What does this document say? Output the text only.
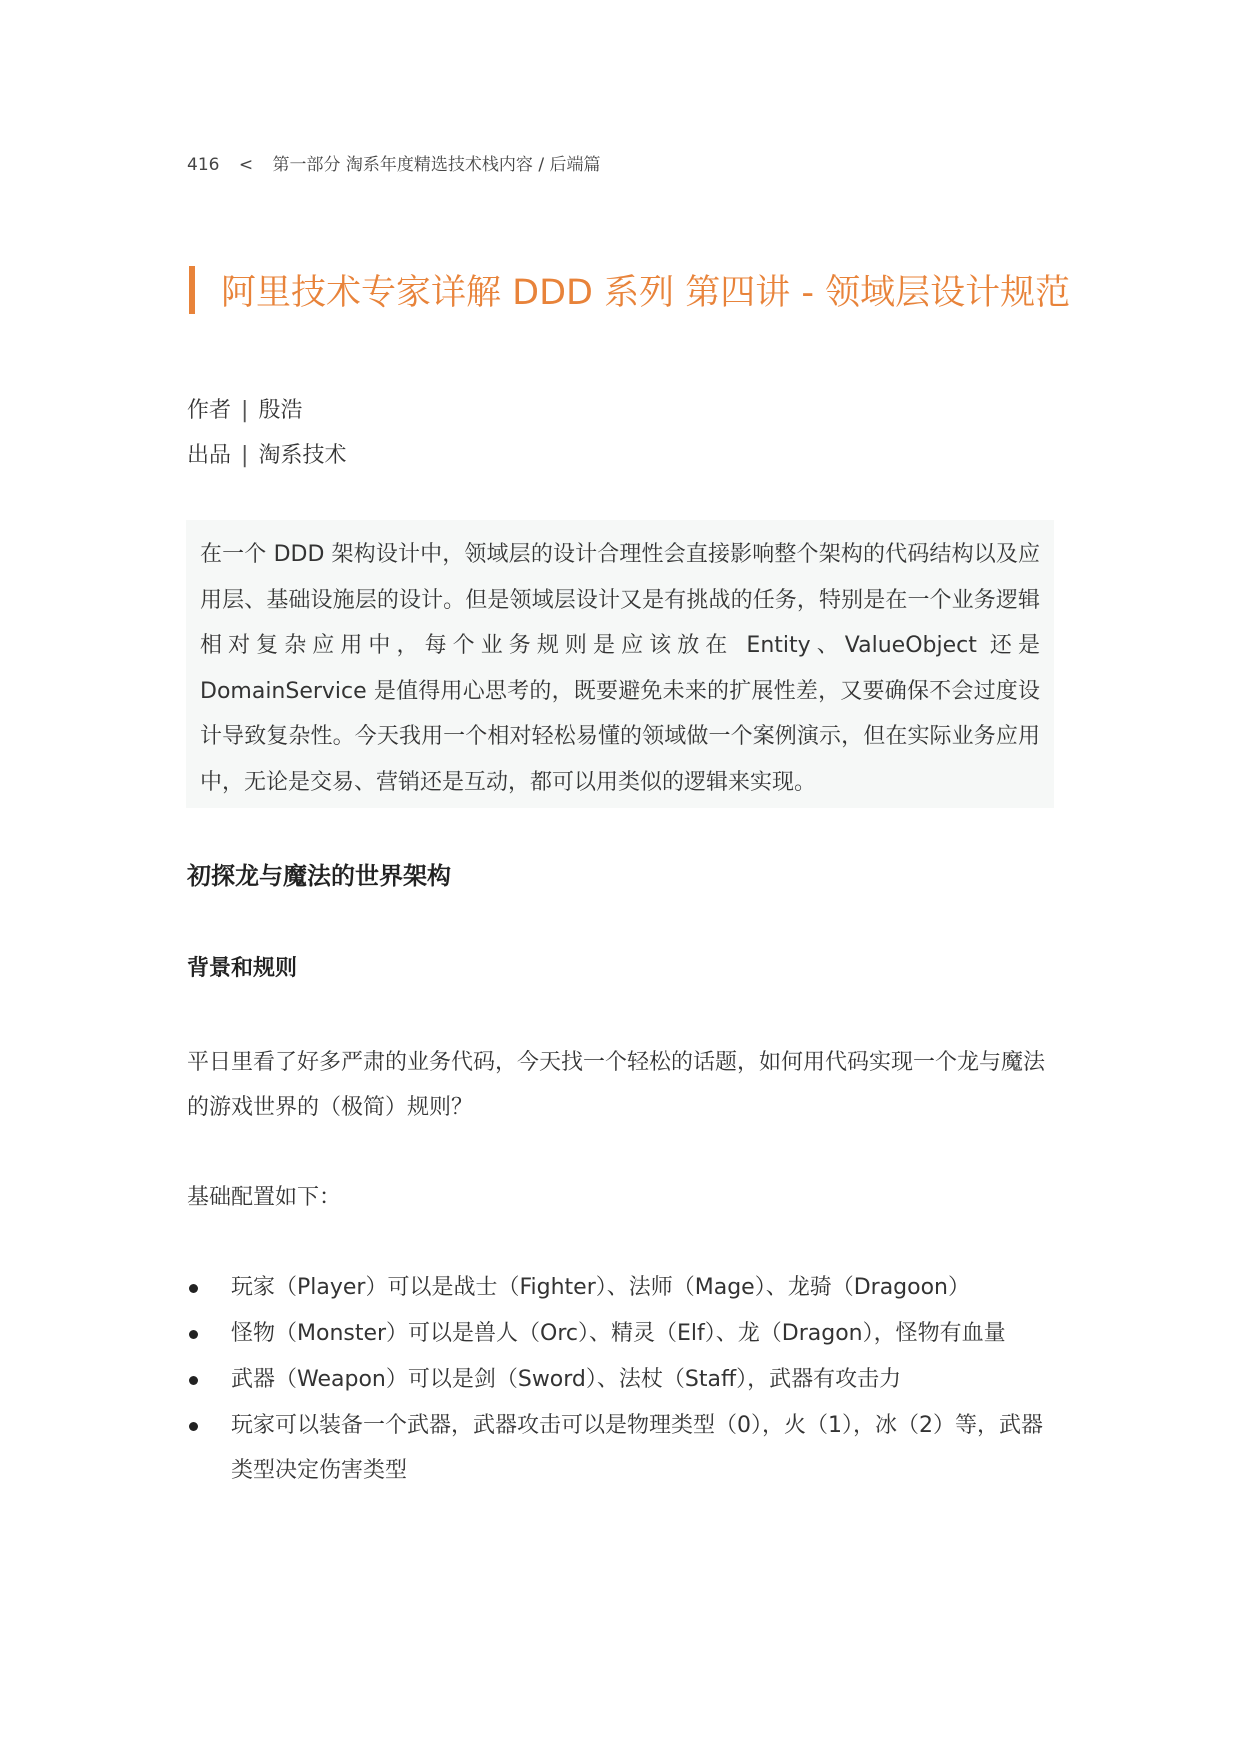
416 < 第一部分 淘系年度精选技术栈内容 / 后端篇
阿里技术专家详解 DDD 系列 第四讲 - 领域层设计规范
作者 | 殷浩
出品 | 淘系技术

在一个 DDD 架构设计中，领域层的设计合理性会直接影响整个架构的代码结构以及应用层、基础设施层的设计。但是领域层设计又是有挑战的任务，特别是在一个业务逻辑相对复杂应用中，每个业务规则是应该放在 Entity、ValueObject 还是 DomainService 是值得用心思考的，既要避免未来的扩展性差，又要确保不会过度设计导致复杂性。今天我用一个相对轻松易懂的领域做一个案例演示，但在实际业务应用中，无论是交易、营销还是互动，都可以用类似的逻辑来实现。

初探龙与魔法的世界架构
背景和规则

平日里看了好多严肃的业务代码，今天找一个轻松的话题，如何用代码实现一个龙与魔法的游戏世界的（极简）规则？

基础配置如下：

玩家（Player）可以是战士（Fighter）、法师（Mage）、龙骑（Dragoon）
怪物（Monster）可以是兽人（Orc）、精灵（Elf）、龙（Dragon），怪物有血量
武器（Weapon）可以是剑（Sword）、法杖（Staff），武器有攻击力
玩家可以装备一个武器，武器攻击可以是物理类型（0），火（1），冰（2）等，武器类型决定伤害类型
